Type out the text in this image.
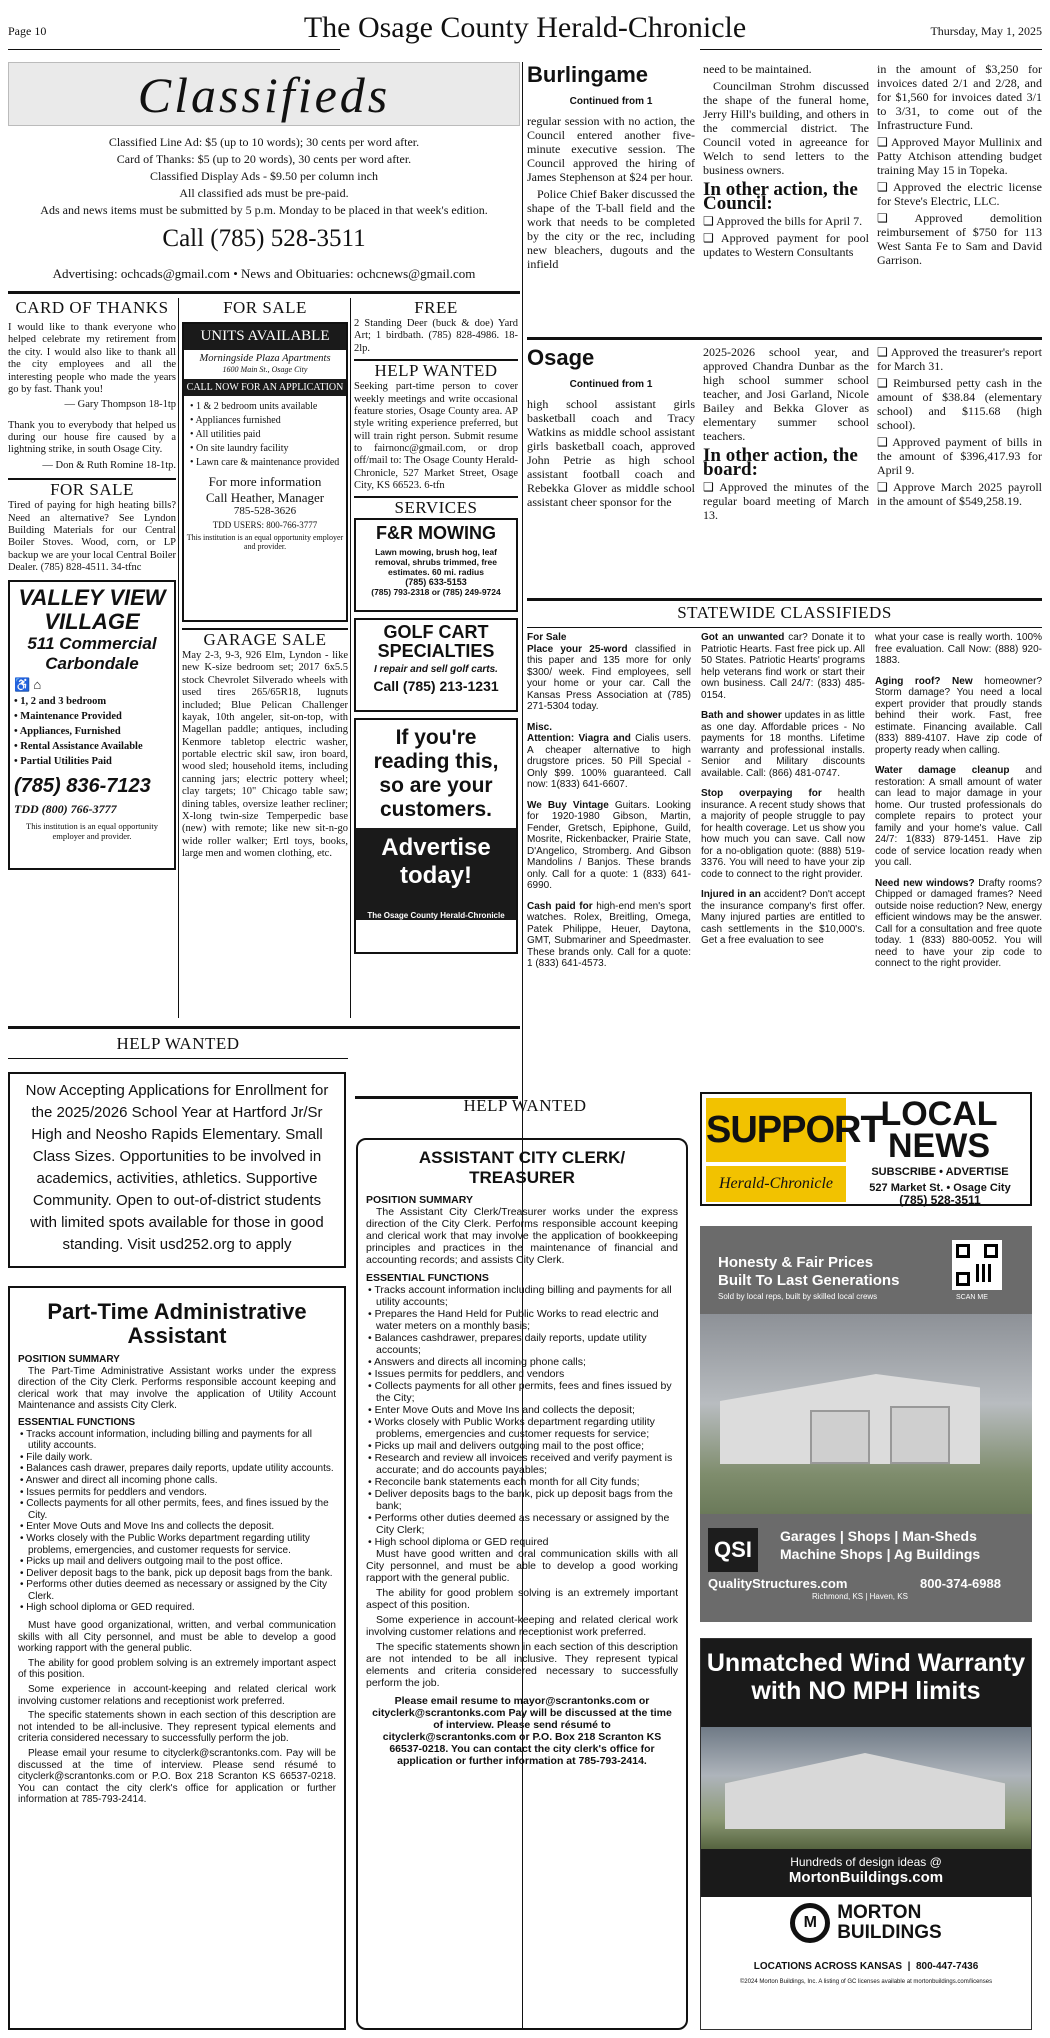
Page 10	The Osage County Herald-Chronicle	Thursday, May 1, 2025
Classifieds
Classified Line Ad: $5 (up to 10 words); 30 cents per word after.
Card of Thanks: $5 (up to 20 words), 30 cents per word after.
Classified Display Ads - $9.50 per column inch
All classified ads must be pre-paid.
Ads and news items must be submitted by 5 p.m. Monday to be placed in that week's edition.
Call (785) 528-3511
Advertising: ochcads@gmail.com • News and Obituaries: ochcnews@gmail.com
CARD OF THANKS
I would like to thank everyone who helped celebrate my retirement from the city. I would also like to thank all the city employees and all the interesting people who made the years go by fast. Thank you!
— Gary Thompson 18-1tp
Thank you to everybody that helped us during our house fire caused by a lightning strike, in south Osage City.
— Don & Ruth Romine 18-1tp.
FOR SALE
Tired of paying for high heating bills? Need an alternative? See Lyndon Building Materials for our Central Boiler Stoves. Wood, corn, or LP backup we are your local Central Boiler Dealer. (785) 828-4511. 34-tfnc
VALLEY VIEW VILLAGE
511 Commercial Carbondale
♿ ⌂
• 1, 2 and 3 bedroom
• Maintenance Provided
• Appliances, Furnished
• Rental Assistance Available
• Partial Utilities Paid
(785) 836-7123
TDD (800) 766-3777
This institution is an equal opportunity employer and provider.
FOR SALE
UNITS AVAILABLE
Morningside Plaza Apartments
1600 Main St., Osage City
CALL NOW FOR AN APPLICATION
• 1 & 2 bedroom units available
• Appliances furnished
• All utilities paid
• On site laundry facility
• Lawn care & maintenance provided
For more information
Call Heather, Manager
785-528-3626
TDD USERS: 800-766-3777
This institution is an equal opportunity employer and provider.
GARAGE SALE
May 2-3, 9-3, 926 Elm, Lyndon - like new K-size bedroom set; 2017 6x5.5 stock Chevrolet Silverado wheels with used tires 265/65R18, lugnuts included; Blue Pelican Challenger kayak, 10th angeler, sit-on-top, with Magellan paddle; antiques, including Kenmore tabletop electric washer, portable electric skil saw, iron board, wood sled; household items, including canning jars; electric pottery wheel; clay targets; 10" Chicago table saw; dining tables, oversize leather recliner; X-long twin-size Temperpedic base (new) with remote; like new sit-n-go wide roller walker; Ertl toys, books, large men and women clothing, etc.
FREE
2 Standing Deer (buck & doe) Yard Art; 1 birdbath. (785) 828-4986. 18-2lp.
HELP WANTED
Seeking part-time person to cover weekly meetings and write occasional feature stories, Osage County area. AP style writing experience preferred, but will train right person. Submit resume to fairnonc@gmail.com, or drop off/mail to: The Osage County Herald-Chronicle, 527 Market Street, Osage City, KS 66523. 6-tfn
SERVICES
F&R MOWING
Lawn mowing, brush hog, leaf removal, shrubs trimmed, free estimates. 60 mi. radius
(785) 633-5153
(785) 793-2318 or (785) 249-9724
GOLF CART SPECIALTIES
I repair and sell golf carts.
Call (785) 213-1231
If you're reading this, so are your customers.
Advertise today!
The Osage County Herald-Chronicle
Burlingame
Continued from 1
regular session with no action, the Council entered another five-minute executive session. The Council approved the hiring of James Stephenson at $24 per hour.
Police Chief Baker discussed the shape of the T-ball field and the work that needs to be completed by the city or the rec, including new bleachers, dugouts and the infield
need to be maintained.
Councilman Strohm discussed the shape of the funeral home, Jerry Hill's building, and others in the commercial district. The Council voted in agreeance for Welch to send letters to the business owners.
In other action, the Council:
❑ Approved the bills for April 7.
❑ Approved payment for pool updates to Western Consultants
in the amount of $3,250 for invoices dated 2/1 and 2/28, and for $1,560 for invoices dated 3/1 to 3/31, to come out of the Infrastructure Fund.
❑ Approved Mayor Mullinix and Patty Atchison attending budget training May 15 in Topeka.
❑ Approved the electric license for Steve's Electric, LLC.
❑ Approved demolition reimbursement of $750 for 113 West Santa Fe to Sam and David Garrison.
Osage
Continued from 1
high school assistant girls basketball coach and Tracy Watkins as middle school assistant girls basketball coach, approved John Petrie as high school assistant football coach and Rebekka Glover as middle school assistant cheer sponsor for the
2025-2026 school year, and approved Chandra Dunbar as the high school summer school teacher, and Josi Garland, Nicole Bailey and Bekka Glover as elementary summer school teachers.
In other action, the board:
❑ Approved the minutes of the regular board meeting of March 13.
❑ Approved the treasurer's report for March 31.
❑ Reimbursed petty cash in the amount of $38.84 (elementary school) and $115.68 (high school).
❑ Approved payment of bills in the amount of $396,417.93 for April 9.
❑ Approve March 2025 payroll in the amount of $549,258.19.
STATEWIDE CLASSIFIEDS
For Sale
Place your 25-word classified in this paper and 135 more for only $300/ week. Find employees, sell your home or your car. Call the Kansas Press Association at (785) 271-5304 today.
Misc.
Attention: Viagra and Cialis users. A cheaper alternative to high drugstore prices. 50 Pill Special - Only $99. 100% guaranteed. Call now: 1(833) 641-6607.
We Buy Vintage Guitars. Looking for 1920-1980 Gibson, Martin, Fender, Gretsch, Epiphone, Guild, Mosrite, Rickenbacker, Prairie State, D'Angelico, Stromberg. And Gibson Mandolins / Banjos. These brands only. Call for a quote: 1 (833) 641-6990.
Cash paid for high-end men's sport watches. Rolex, Breitling, Omega, Patek Philippe, Heuer, Daytona, GMT, Submariner and Speedmaster. These brands only. Call for a quote: 1 (833) 641-4573.
Got an unwanted car? Donate it to Patriotic Hearts. Fast free pick up. All 50 States. Patriotic Hearts' programs help veterans find work or start their own business. Call 24/7: (833) 485-0154.
Bath and shower updates in as little as one day. Affordable prices - No payments for 18 months. Lifetime warranty and professional installs. Senior and Military discounts available. Call: (866) 481-0747.
Stop overpaying for health insurance. A recent study shows that a majority of people struggle to pay for health coverage. Let us show you how much you can save. Call now for a no-obligation quote: (888) 519-3376. You will need to have your zip code to connect to the right provider.
Injured in an accident? Don't accept the insurance company's first offer. Many injured parties are entitled to cash settlements in the $10,000's. Get a free evaluation to see
what your case is really worth. 100% free evaluation. Call Now: (888) 920-1883.
Aging roof? New homeowner? Storm damage? You need a local expert provider that proudly stands behind their work. Fast, free estimate. Financing available. Call (833) 889-4107. Have zip code of property ready when calling.
Water damage cleanup and restoration: A small amount of water can lead to major damage in your home. Our trusted professionals do complete repairs to protect your family and your home's value. Call 24/7: 1(833) 879-1451. Have zip code of service location ready when you call.
Need new windows? Drafty rooms? Chipped or damaged frames? Need outside noise reduction? New, energy efficient windows may be the answer. Call for a consultation and free quote today. 1 (833) 880-0052. You will need to have your zip code to connect to the right provider.
HELP WANTED
Now Accepting Applications for Enrollment for the 2025/2026 School Year at Hartford Jr/Sr High and Neosho Rapids Elementary. Small Class Sizes. Opportunities to be involved in academics, activities, athletics. Supportive Community. Open to out-of-district students with limited spots available for those in good standing. Visit usd252.org to apply
Part-Time Administrative Assistant
POSITION SUMMARY
The Part-Time Administrative Assistant works under the express direction of the City Clerk. Performs responsible account keeping and clerical work that may involve the application of Utility Account Maintenance and assists City Clerk.
ESSENTIAL FUNCTIONS
• Tracks account information, including billing and payments for all utility accounts.
• File daily work.
• Balances cash drawer, prepares daily reports, update utility accounts.
• Answer and direct all incoming phone calls.
• Issues permits for peddlers and vendors.
• Collects payments for all other permits, fees, and fines issued by the City.
• Enter Move Outs and Move Ins and collects the deposit.
• Works closely with the Public Works department regarding utility problems, emergencies, and customer requests for service.
• Picks up mail and delivers outgoing mail to the post office.
• Deliver deposit bags to the bank, pick up deposit bags from the bank.
• Performs other duties deemed as necessary or assigned by the City Clerk.
• High school diploma or GED required.
Must have good organizational, written, and verbal communication skills with all City personnel, and must be able to develop a good working rapport with the general public.
The ability for good problem solving is an extremely important aspect of this position.
Some experience in account-keeping and related clerical work involving customer relations and receptionist work preferred.
The specific statements shown in each section of this description are not intended to be all-inclusive. They represent typical elements and criteria considered necessary to successfully perform the job.
Please email your resume to cityclerk@scrantonks.com. Pay will be discussed at the time of interview. Please send résumé to cityclerk@scrantonks.com or P.O. Box 218 Scranton KS 66537-0218. You can contact the city clerk's office for application or further information at 785-793-2414.
HELP WANTED
ASSISTANT CITY CLERK/ TREASURER
POSITION SUMMARY
The Assistant City Clerk/Treasurer works under the express direction of the City Clerk. Performs responsible account keeping and clerical work that may involve the application of bookkeeping principles and practices in the maintenance of financial and accounting records; and assists City Clerk.
ESSENTIAL FUNCTIONS
• Tracks account information including billing and payments for all utility accounts;
• Prepares the Hand Held for Public Works to read electric and water meters on a monthly basis;
• Balances cashdrawer, prepares daily reports, update utility accounts;
• Answers and directs all incoming phone calls;
• Issues permits for peddlers, and vendors
• Collects payments for all other permits, fees and fines issued by the City;
• Enter Move Outs and Move Ins and collects the deposit;
• Works closely with Public Works department regarding utility problems, emergencies and customer requests for service;
• Picks up mail and delivers outgoing mail to the post office;
• Research and review all invoices received and verify payment is accurate; and do accounts payables;
• Reconcile bank statements each month for all City funds;
• Deliver deposits bags to the bank, pick up deposit bags from the bank;
• Performs other duties deemed as necessary or assigned by the City Clerk;
• High school diploma or GED required
Must have good written and oral communication skills with all City personnel, and must be able to develop a good working rapport with the general public.
The ability for good problem solving is an extremely important aspect of this position.
Some experience in account-keeping and related clerical work involving customer relations and receptionist work preferred.
The specific statements shown in each section of this description are not intended to be all inclusive. They represent typical elements and criteria considered necessary to successfully perform the job.
Please email resume to mayor@scrantonks.com or cityclerk@scrantonks.com Pay will be discussed at the time of interview. Please send résumé to cityclerk@scrantonks.com or P.O. Box 218 Scranton KS 66537-0218. You can contact the city clerk's office for application or further information at 785-793-2414.
SUPPORT
LOCAL NEWS
Herald-Chronicle
SUBSCRIBE • ADVERTISE
527 Market St. • Osage City
(785) 528-3511
Honesty & Fair Prices
Built To Last Generations
Sold by local reps, built by skilled local crews	SCAN ME
QSI
Garages | Shops | Man-Sheds
Machine Shops | Ag Buildings
QualityStructures.com	800-374-6988
Richmond, KS | Haven, KS
Unmatched Wind Warranty
with NO MPH limits
Hundreds of design ideas @
MortonBuildings.com
M MORTON
BUILDINGS
LOCATIONS ACROSS KANSAS  |  800-447-7436
©2024 Morton Buildings, Inc. A listing of GC licenses available at mortonbuildings.com/licenses
